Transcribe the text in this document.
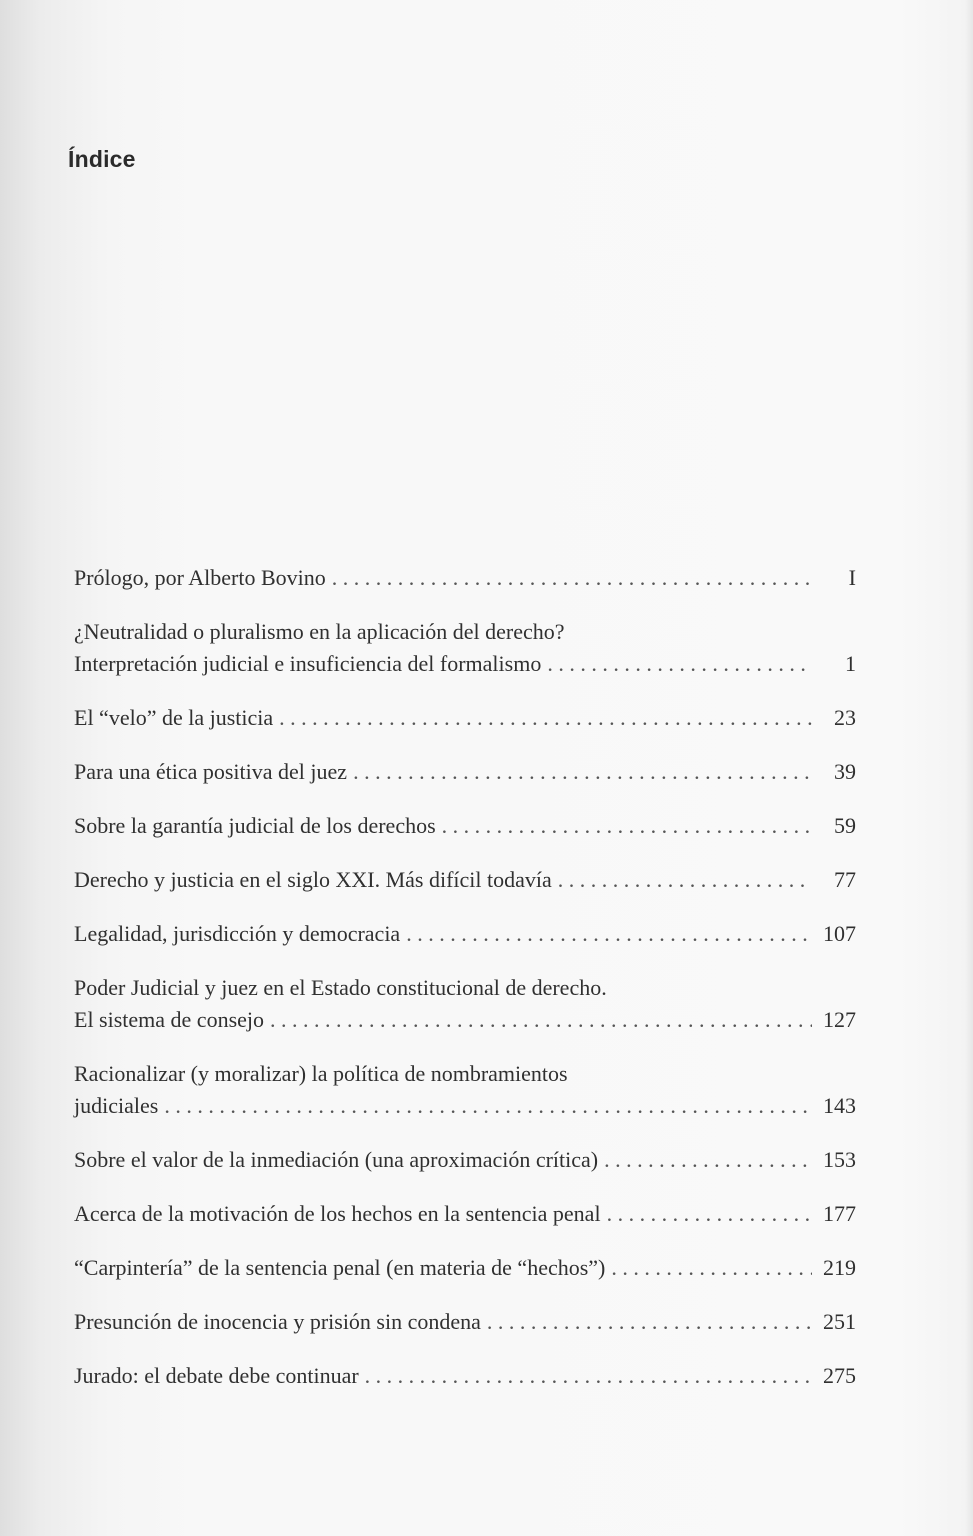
Índice
Prólogo, por Alberto Bovino . . .	I
¿Neutralidad o pluralismo en la aplicación del derecho?
Interpretación judicial e insuficiencia del formalismo . . .	1
El “velo” de la justicia . . .	23
Para una ética positiva del juez . . .	39
Sobre la garantía judicial de los derechos . . .	59
Derecho y justicia en el siglo XXI. Más difícil todavía . . .	77
Legalidad, jurisdicción y democracia . . .	107
Poder Judicial y juez en el Estado constitucional de derecho.
El sistema de consejo . . .	127
Racionalizar (y moralizar) la política de nombramientos
judiciales . . .	143
Sobre el valor de la inmediación (una aproximación crítica) . . .	153
Acerca de la motivación de los hechos en la sentencia penal . . .	177
“Carpintería” de la sentencia penal (en materia de “hechos”) . . .	219
Presunción de inocencia y prisión sin condena . . .	251
Jurado: el debate debe continuar . . .	275
